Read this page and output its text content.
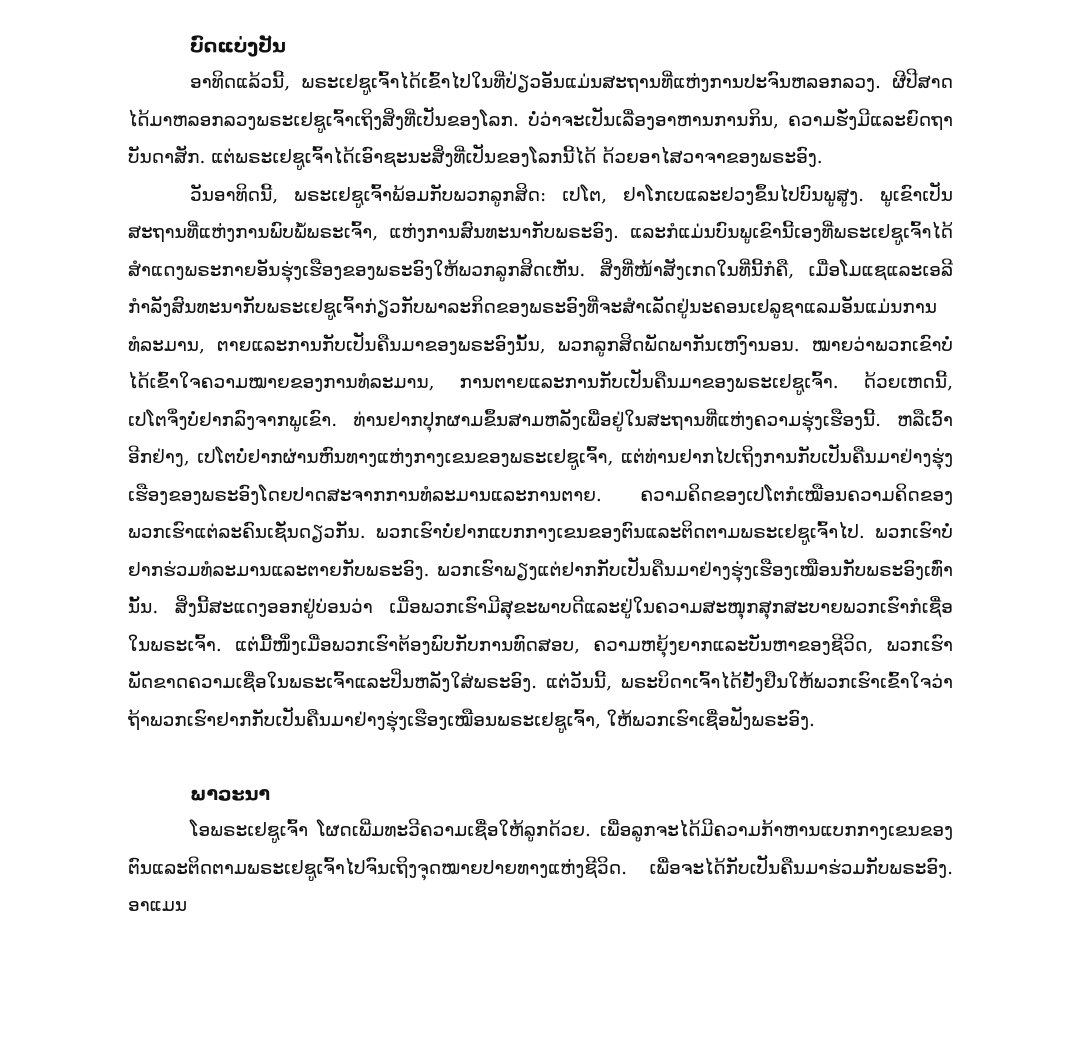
ບົດແບ່ງປັນ

ອາທິດແລ້ວນີ້, ພຣະເຢຊູເຈົ້າໄດ້ເຂົ້າໄປໃນທີ່ປ່ຽວອັນແມ່ນສະຖານທີ່ແຫ່ງການປະຈົນຫລອກລວງ. ຜີປີສາດໄດ້ມາຫລອກລວງພຣະເຢຊູເຈົ້າເຖິງສິ່ງທີ່ເປັນຂອງໂລກ. ບໍ່ວ່າຈະເປັນເລື່ອງອາຫານການກິນ, ຄວາມຮັ່ງມີແລະຍົດຖາບັນດາສັກ. ແຕ່ພຣະເຢຊູເຈົ້າໄດ້ເອົາຊະນະສິ່ງທີ່ເປັນຂອງໂລກນີ້ໄດ້ ດ້ວຍອາໄສວາຈາຂອງພຣະອົງ.

ວັນອາທິດນີ້, ພຣະເຢຊູເຈົ້າພ້ອມກັບພວກລູກສິດ: ເປໂຕ, ຢາໂກເບແລະຢວງຂຶ້ນໄປບົນພູສູງ. ພູເຂົາເປັນສະຖານທີ່ແຫ່ງການພົບພໍ້ພຣະເຈົ້າ, ແຫ່ງການສົນທະນາກັບພຣະອົງ. ແລະກໍແມ່ນບົນພູເຂົານີ້ເອງທີ່ພຣະເຢຊູເຈົ້າໄດ້ສຳແດງພຣະກາຍອັນຮຸ່ງເຮືອງຂອງພຣະອົງໃຫ້ພວກລູກສິດເຫັນ. ສິ່ງທີ່ໜ້າສັງເກດໃນທີ່ນີ້ກໍຄື, ເມື່ອໂມແຊແລະເອລີກຳລັງສົນທະນາກັບພຣະເຢຊູເຈົ້າກ່ຽວກັບພາລະກິດຂອງພຣະອົງທີ່ຈະສຳເລັດຢູ່ນະຄອນເຢລູຊາແລມອັນແມ່ນການທໍລະມານ, ຕາຍແລະການກັບເປັນຄືນມາຂອງພຣະອົງນັ້ນ, ພວກລູກສິດພັດພາກັນເຫງົານອນ. ໝາຍວ່າພວກເຂົາບໍ່ໄດ້ເຂົ້າໃຈຄວາມໝາຍຂອງການທໍລະມານ, ການຕາຍແລະການກັບເປັນຄືນມາຂອງພຣະເຢຊູເຈົ້າ. ດ້ວຍເຫດນີ້, ເປໂຕຈຶ່ງບໍ່ຢາກລົງຈາກພູເຂົາ. ທ່ານຢາກປຸກຜາມຂຶ້ນສາມຫລັງເພື່ອຢູ່ໃນສະຖານທີ່ແຫ່ງຄວາມຮຸ່ງເຮືອງນີ້. ຫລືເວົ້າອີກຢ່າງ, ເປໂຕບໍ່ຢາກຜ່ານຫົນທາງແຫ່ງກາງເຂນຂອງພຣະເຢຊູເຈົ້າ, ແຕ່ທ່ານຢາກໄປເຖິງການກັບເປັນຄືນມາຢ່າງຮຸ່ງເຮືອງຂອງພຣະອົງໂດຍປາດສະຈາກການທໍລະມານແລະການຕາຍ. ຄວາມຄິດຂອງເປໂຕກໍເໝືອນຄວາມຄິດຂອງພວກເຮົາແຕ່ລະຄົນເຊັ່ນດຽວກັນ. ພວກເຮົາບໍ່ຢາກແບກກາງເຂນຂອງຕົນແລະຕິດຕາມພຣະເຢຊູເຈົ້າໄປ. ພວກເຮົາບໍ່ຢາກຮ່ວມທໍລະມານແລະຕາຍກັບພຣະອົງ. ພວກເຮົາພຽງແຕ່ຢາກກັບເປັນຄືນມາຢ່າງຮຸ່ງເຮືອງເໝືອນກັບພຣະອົງເທົ່ານັ້ນ. ສິ່ງນີ້ສະແດງອອກຢູ່ບ່ອນວ່າ ເມື່ອພວກເຮົາມີສຸຂະພາບດີແລະຢູ່ໃນຄວາມສະໜຸກສຸກສະບາຍພວກເຮົາກໍເຊື່ອໃນພຣະເຈົ້າ. ແຕ່ມື້ໜຶ່ງເມື່ອພວກເຮົາຕ້ອງພົບກັບການທົດສອບ, ຄວາມຫຍຸ້ງຍາກແລະບັນຫາຂອງຊີວິດ, ພວກເຮົາພັດຂາດຄວາມເຊື່ອໃນພຣະເຈົ້າແລະປິ່ນຫລັງໃສ່ພຣະອົງ. ແຕ່ວັນນີ້, ພຣະບິດາເຈົ້າໄດ້ຢັ້ງຢືນໃຫ້ພວກເຮົາເຂົ້າໃຈວ່າ ຖ້າພວກເຮົາຢາກກັບເປັນຄືນມາຢ່າງຮຸ່ງເຮືອງເໝືອນພຣະເຢຊູເຈົ້າ, ໃຫ້ພວກເຮົາເຊື່ອຟັງພຣະອົງ.

ພາວະນາ

ໂອພຣະເຢຊູເຈົ້າ ໂຜດເພີ່ມທະວີຄວາມເຊື່ອໃຫ້ລູກດ້ວຍ. ເພື່ອລູກຈະໄດ້ມີຄວາມກ້າຫານແບກກາງເຂນຂອງຕົນແລະຕິດຕາມພຣະເຢຊູເຈົ້າໄປຈົນເຖິງຈຸດໝາຍປາຍທາງແຫ່ງຊີວິດ. ເພື່ອຈະໄດ້ກັບເປັນຄືນມາຮ່ວມກັບພຣະອົງ. ອາແມນ
